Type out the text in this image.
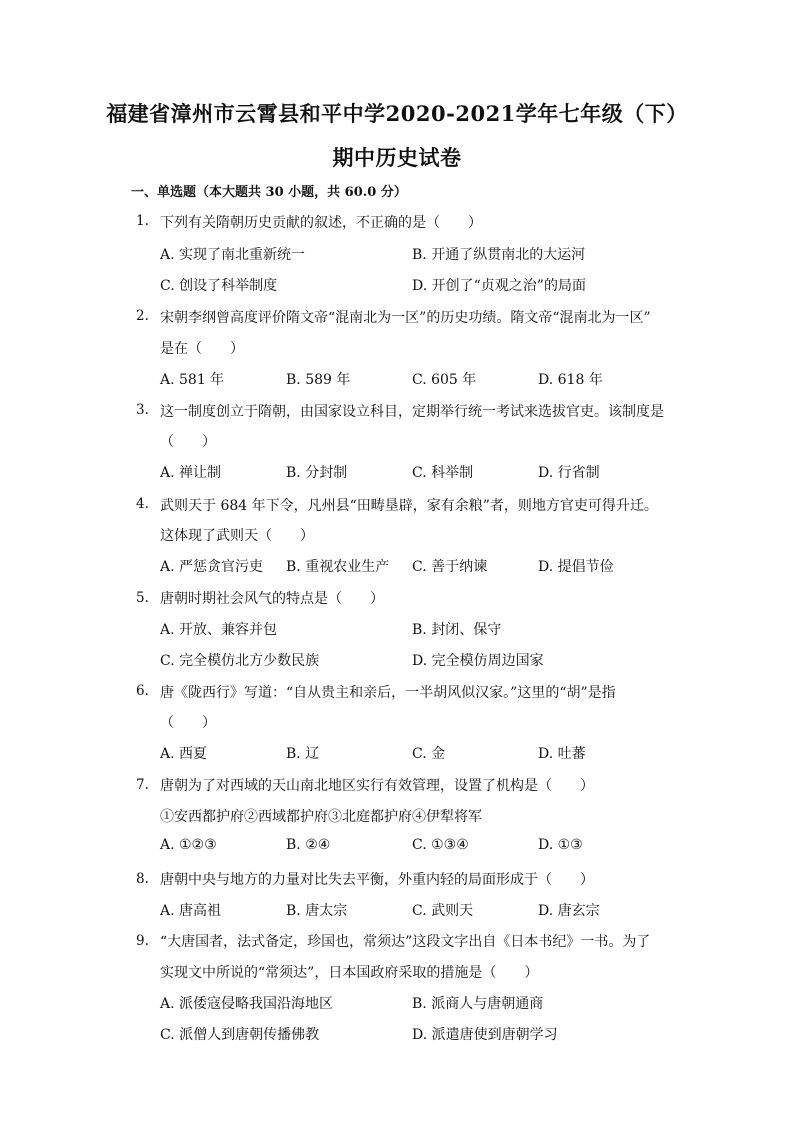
福建省漳州市云霄县和平中学2020-2021学年七年级（下）
期中历史试卷
一、单选题（本大题共 30 小题，共 60.0 分）
1. 下列有关隋朝历史贡献的叙述，不正确的是（　　）
A. 实现了南北重新统一	B. 开通了纵贯南北的大运河
C. 创设了科举制度	D. 开创了“贞观之治”的局面
2. 宋朝李纲曾高度评价隋文帝“混南北为一区”的历史功绩。隋文帝“混南北为一区”
是在（　　）
A. 581 年	B. 589 年	C. 605 年	D. 618 年
3. 这一制度创立于隋朝，由国家设立科目，定期举行统一考试来选拔官吏。该制度是
（　　）
A. 禅让制	B. 分封制	C. 科举制	D. 行省制
4. 武则天于 684 年下令，凡州县“田畴垦辟，家有余粮”者，则地方官吏可得升迁。
这体现了武则天（　　）
A. 严惩贪官污吏 B. 重视农业生产 C. 善于纳谏	D. 提倡节俭
5. 唐朝时期社会风气的特点是（　　）
A. 开放、兼容并包	B. 封闭、保守
C. 完全模仿北方少数民族	D. 完全模仿周边国家
6. 唐《陇西行》写道：“自从贵主和亲后，一半胡风似汉家。”这里的“胡”是指
（　　）
A. 西夏	B. 辽	C. 金	D. 吐蕃
7. 唐朝为了对西域的天山南北地区实行有效管理，设置了机构是（　　）
①安西都护府②西域都护府③北庭都护府④伊犁将军
A. ①②③	B. ②④	C. ①③④	D. ①③
8. 唐朝中央与地方的力量对比失去平衡，外重内轻的局面形成于（　　）
A. 唐高祖	B. 唐太宗	C. 武则天	D. 唐玄宗
9. “大唐国者，法式备定，珍国也，常须达”这段文字出自《日本书纪》一书。为了
实现文中所说的“常须达”，日本国政府采取的措施是（　　）
A. 派倭寇侵略我国沿海地区	B. 派商人与唐朝通商
C. 派僧人到唐朝传播佛教	D. 派遣唐使到唐朝学习
